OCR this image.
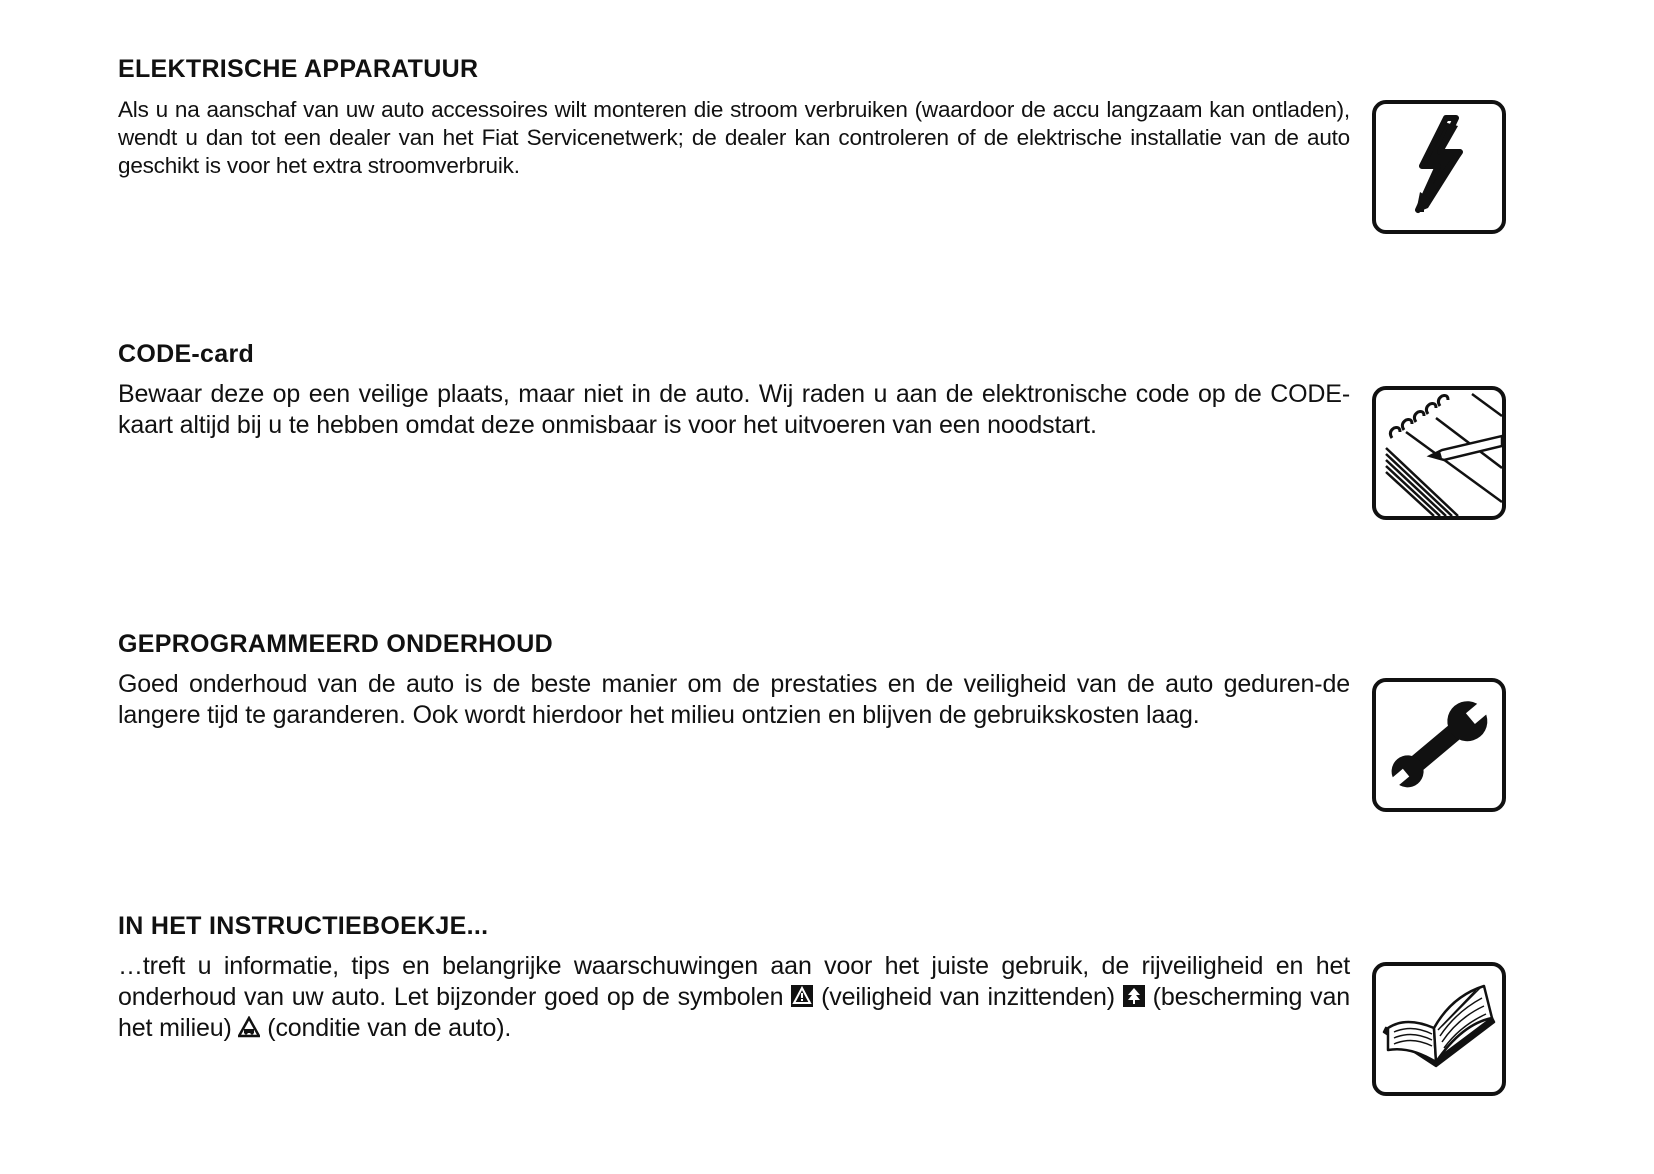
ELEKTRISCHE APPARATUUR

Als u na aanschaf van uw auto accessoires wilt monteren die stroom verbruiken (waardoor de accu langzaam kan ontladen), wendt u dan tot een dealer van het Fiat Servicenetwerk; de dealer kan controleren of de elektrische installatie van de auto geschikt is voor het extra stroomverbruik.

CODE-card

Bewaar deze op een veilige plaats, maar niet in de auto. Wij raden u aan de elektronische code op de CODE-kaart altijd bij u te hebben omdat deze onmisbaar is voor het uitvoeren van een noodstart.

GEPROGRAMMEERD ONDERHOUD

Goed onderhoud van de auto is de beste manier om de prestaties en de veiligheid van de auto geduren-de langere tijd te garanderen. Ook wordt hierdoor het milieu ontzien en blijven de gebruikskosten laag.

IN HET INSTRUCTIEBOEKJE...

…treft u informatie, tips en belangrijke waarschuwingen aan voor het juiste gebruik, de rijveiligheid en het onderhoud van uw auto. Let bijzonder goed op de symbolen (veiligheid van inzittenden) (bescherming van het milieu) (conditie van de auto).
